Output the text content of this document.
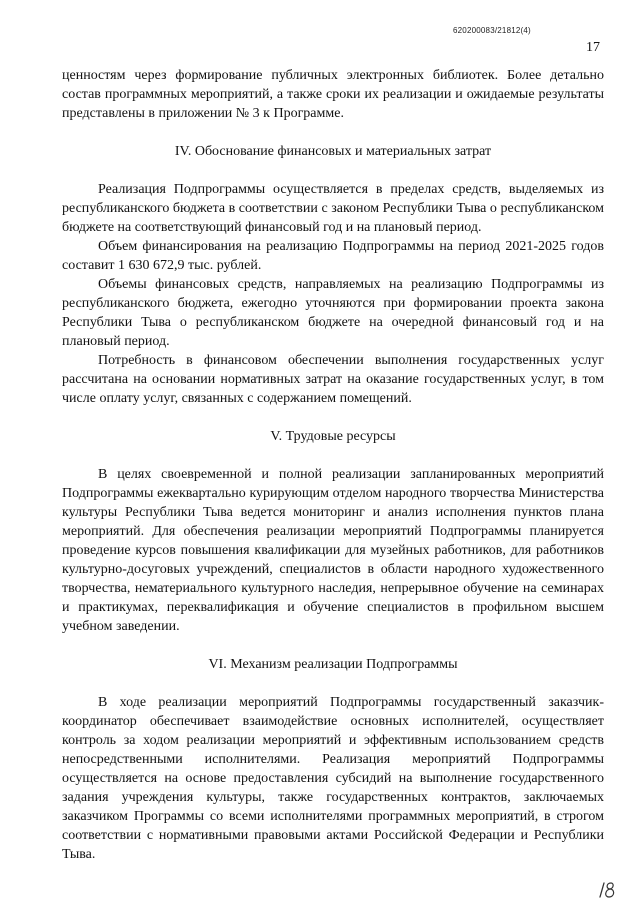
620200083/21812(4)
17

ценностям через формирование публичных электронных библиотек. Более детально состав программных мероприятий, а также сроки их реализации и ожидаемые результаты представлены в приложении № 3 к Программе.

IV. Обоснование финансовых и материальных затрат

Реализация Подпрограммы осуществляется в пределах средств, выделяемых из республиканского бюджета в соответствии с законом Республики Тыва о республиканском бюджете на соответствующий финансовый год и на плановый период.

Объем финансирования на реализацию Подпрограммы на период 2021-2025 годов составит 1 630 672,9 тыс. рублей.

Объемы финансовых средств, направляемых на реализацию Подпрограммы из республиканского бюджета, ежегодно уточняются при формировании проекта закона Республики Тыва о республиканском бюджете на очередной финансовый год и на плановый период.

Потребность в финансовом обеспечении выполнения государственных услуг рассчитана на основании нормативных затрат на оказание государственных услуг, в том числе оплату услуг, связанных с содержанием помещений.

V. Трудовые ресурсы

В целях своевременной и полной реализации запланированных мероприятий Подпрограммы ежеквартально курирующим отделом народного творчества Министерства культуры Республики Тыва ведется мониторинг и анализ исполнения пунктов плана мероприятий. Для обеспечения реализации мероприятий Подпрограммы планируется проведение курсов повышения квалификации для музейных работников, для работников культурно-досуговых учреждений, специалистов в области народного художественного творчества, нематериального культурного наследия, непрерывное обучение на семинарах и практикумах, переквалификация и обучение специалистов в профильном высшем учебном заведении.

VI. Механизм реализации Подпрограммы

В ходе реализации мероприятий Подпрограммы государственный заказчик-координатор обеспечивает взаимодействие основных исполнителей, осуществляет контроль за ходом реализации мероприятий и эффективным использованием средств непосредственными исполнителями. Реализация мероприятий Подпрограммы осуществляется на основе предоставления субсидий на выполнение государственного задания учреждения культуры, также государственных контрактов, заключаемых заказчиком Программы со всеми исполнителями программных мероприятий, в строгом соответствии с нормативными правовыми актами Российской Федерации и Республики Тыва.
